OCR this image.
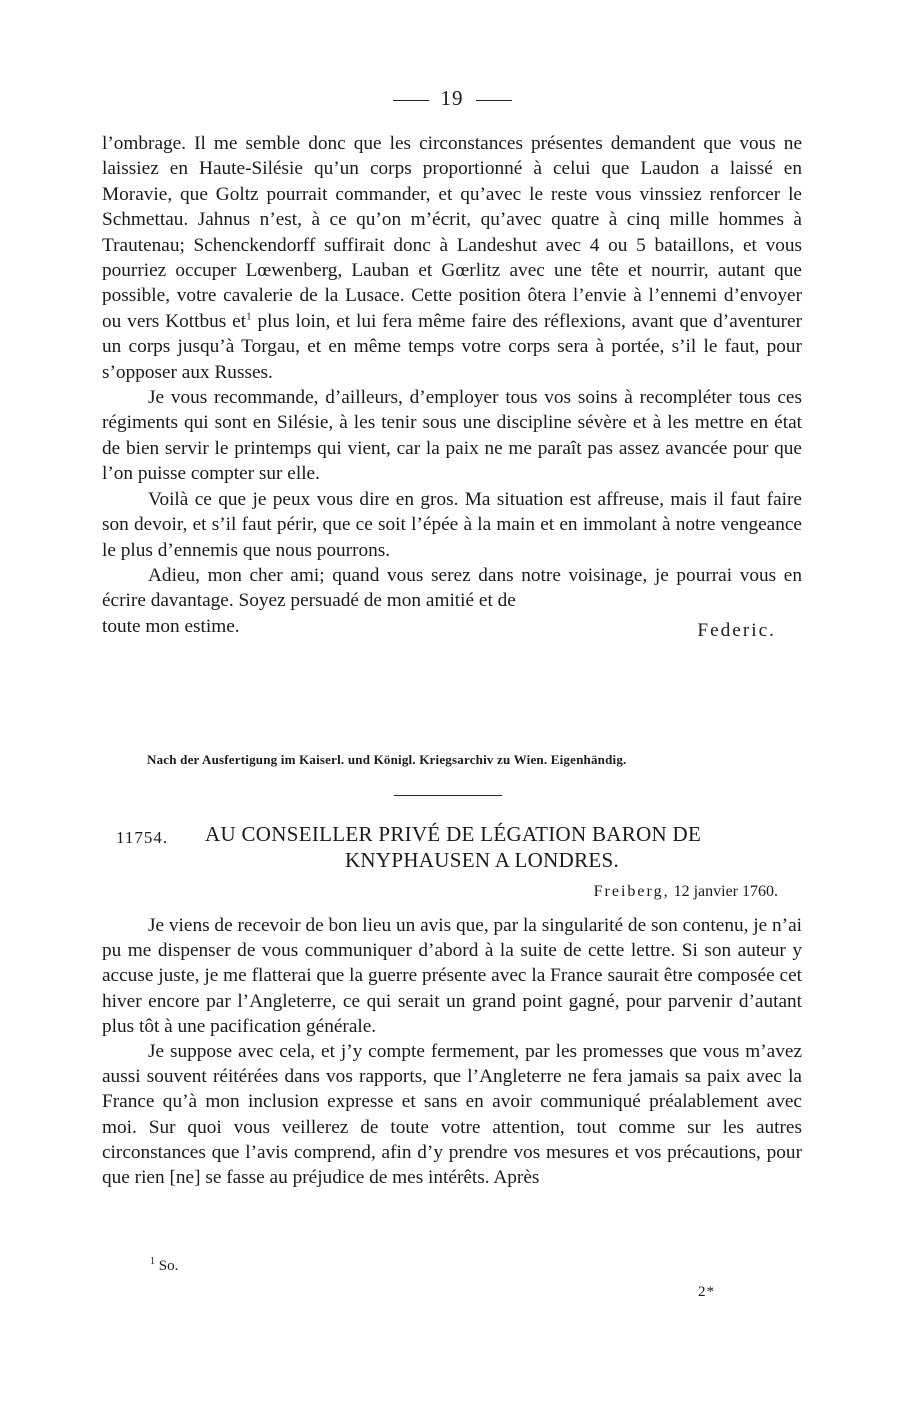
19

l’ombrage. Il me semble donc que les circonstances présentes demandent que vous ne laissiez en Haute-Silésie qu’un corps proportionné à celui que Laudon a laissé en Moravie, que Goltz pourrait commander, et qu’avec le reste vous vinssiez renforcer le Schmettau. Jahnus n’est, à ce qu’on m’écrit, qu’avec quatre à cinq mille hommes à Trautenau; Schenckendorff suffirait donc à Landeshut avec 4 ou 5 bataillons, et vous pourriez occuper Lœwenberg, Lauban et Gœrlitz avec une tête et nourrir, autant que possible, votre cavalerie de la Lusace. Cette position ôtera l’envie à l’ennemi d’envoyer ou vers Kottbus et$^1$ plus loin, et lui fera même faire des réflexions, avant que d’aventurer un corps jusqu’à Torgau, et en même temps votre corps sera à portée, s’il le faut, pour s’opposer aux Russes.

Je vous recommande, d’ailleurs, d’employer tous vos soins à recompléter tous ces régiments qui sont en Silésie, à les tenir sous une discipline sévère et à les mettre en état de bien servir le printemps qui vient, car la paix ne me paraît pas assez avancée pour que l’on puisse compter sur elle.

Voilà ce que je peux vous dire en gros. Ma situation est affreuse, mais il faut faire son devoir, et s’il faut périr, que ce soit l’épée à la main et en immolant à notre vengeance le plus d’ennemis que nous pourrons.

Adieu, mon cher ami; quand vous serez dans notre voisinage, je pourrai vous en écrire davantage. Soyez persuadé de mon amitié et de

toute mon estime.	Federic.
Nach der Ausfertigung im Kaiserl. und Königl. Kriegsarchiv zu Wien. Eigenhändig.
11754. AU CONSEILLER PRIVÉ DE LÉGATION BARON DE
KNYPHAUSEN A LONDRES.
Freiberg, 12 janvier 1760.

Je viens de recevoir de bon lieu un avis que, par la singularité de son contenu, je n’ai pu me dispenser de vous communiquer d’abord à la suite de cette lettre. Si son auteur y accuse juste, je me flatterai que la guerre présente avec la France saurait être composée cet hiver encore par l’Angleterre, ce qui serait un grand point gagné, pour parvenir d’autant plus tôt à une pacification générale.

Je suppose avec cela, et j’y compte fermement, par les promesses que vous m’avez aussi souvent réitérées dans vos rapports, que l’Angleterre ne fera jamais sa paix avec la France qu’à mon inclusion expresse et sans en avoir communiqué préalablement avec moi. Sur quoi vous veillerez de toute votre attention, tout comme sur les autres circonstances que l’avis comprend, afin d’y prendre vos mesures et vos précautions, pour que rien [ne] se fasse au préjudice de mes intérêts. Après

$^1$ So.
2*
